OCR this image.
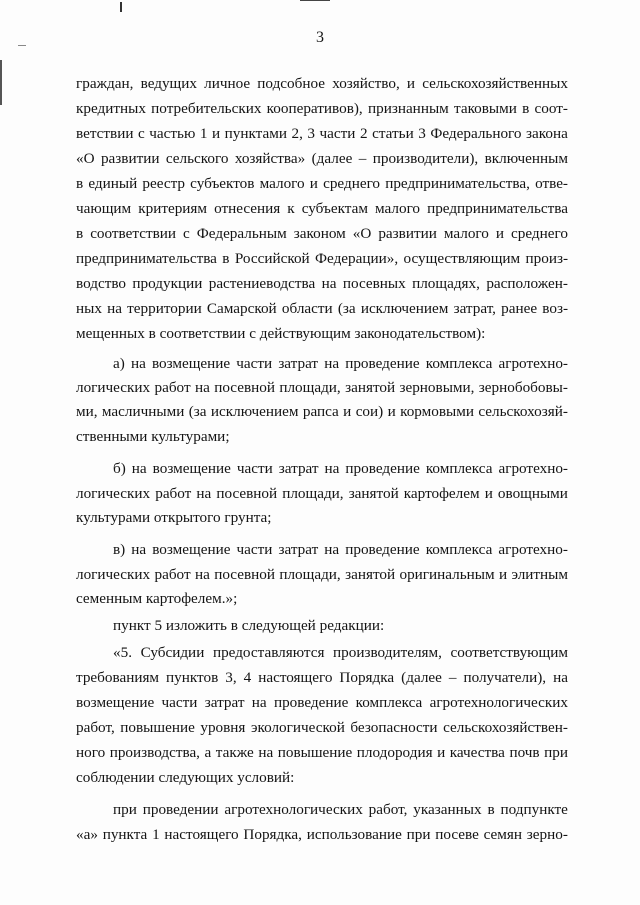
3
граждан, ведущих личное подсобное хозяйство, и сельскохозяйственных
кредитных потребительских кооперативов), признанным таковыми в соот-
ветствии с частью 1 и пунктами 2, 3 части 2 статьи 3 Федерального закона
«О развитии сельского хозяйства» (далее – производители), включенным
в единый реестр субъектов малого и среднего предпринимательства, отве-
чающим критериям отнесения к субъектам малого предпринимательства
в соответствии с Федеральным законом «О развитии малого и среднего
предпринимательства в Российской Федерации», осуществляющим произ-
водство продукции растениеводства на посевных площадях, расположен-
ных на территории Самарской области (за исключением затрат, ранее воз-
мещенных в соответствии с действующим законодательством):
а) на возмещение части затрат на проведение комплекса агротехно-
логических работ на посевной площади, занятой зерновыми, зернобобовы-
ми, масличными (за исключением рапса и сои) и кормовыми сельскохозяй-
ственными культурами;
б) на возмещение части затрат на проведение комплекса агротехно-
логических работ на посевной площади, занятой картофелем и овощными
культурами открытого грунта;
в) на возмещение части затрат на проведение комплекса агротехно-
логических работ на посевной площади, занятой оригинальным и элитным
семенным картофелем.»;
пункт 5 изложить в следующей редакции:
«5. Субсидии предоставляются производителям, соответствующим
требованиям пунктов 3, 4 настоящего Порядка (далее – получатели), на
возмещение части затрат на проведение комплекса агротехнологических
работ, повышение уровня экологической безопасности сельскохозяйствен-
ного производства, а также на повышение плодородия и качества почв при
соблюдении следующих условий:
при проведении агротехнологических работ, указанных в подпункте
«а» пункта 1 настоящего Порядка, использование при посеве семян зерно-
